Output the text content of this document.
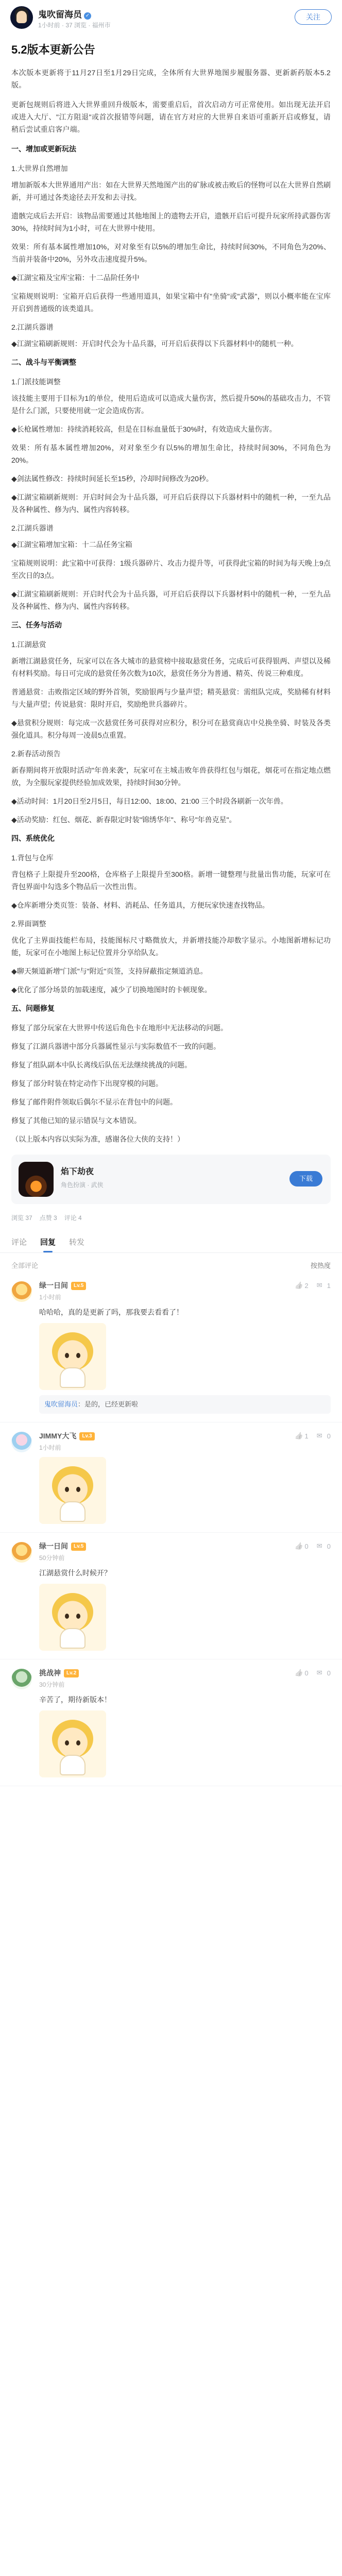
鬼吹留海员 ✓
1小时前 · 37 浏览 · 福州市
关注
5.2版本更新公告
本次版本更新将于11月27日至1月29日完成，全体所有大世界地图步履服务器、更新新药版本5.2版。
更新包规则后将进入大世界重回升级版本，需要重启后，首次启动方可正常使用。如出现无法开启或进入大厅、"江方阻退"或首次报错等问题，请在官方对应的大世界自来语可重新开启或修复，请稍后尝试重启客户端。
一、增加或更新玩法
1.大世界自然增加
增加新版本大世界通用产出：如在大世界天然地图产出的矿脉或被击败后的怪物可以在大世界自然刷新，并可通过各类途径去开发和去寻找。
遗骸完成后去开启：该物品需要通过其他地图上的遗物去开启，遗骸开启后可提升玩家所持武器伤害30%，持续时间为1小时，可在大世界中使用。
效果：所有基本属性增加10%，对对象至有以5%的增加生命比，持续时间30%，不同角色为20%、当前并装备中20%，另外攻击速度提升5%。
◆江湖宝箱及宝库宝箱：十二品阶任务中
宝箱规则说明：宝箱开启后获得一些通用道具，如果宝箱中有"坐骑"或"武器"，则以小概率能在宝库开启到普通级的该类道具。
2.江湖兵器谱
◆江湖宝箱刷新规则：开启时代会为十品兵器，可开启后获得以下兵器材料中的随机一种。
二、战斗与平衡调整
1.门派技能调整
该技能主要用于目标为1的单位，使用后造成可以造成大量伤害，然后提升50%的基础攻击力，不管是什么门派，只要使用就一定会造成伤害。
◆长枪属性增加：持续消耗较高，但是在目标血量低于30%时，有效造成大量伤害。
效果：所有基本属性增加20%，对对象至少有以5%的增加生命比，持续时间30%，不同角色为20%。
◆剑法属性修改：持续时间延长至15秒，冷却时间修改为20秒。
◆江湖宝箱刷新规则：开启时间会为十品兵器，可开启后获得以下兵器材料中的随机一种，一至九品及各种属性、修为内、属性内容转移。
2.江湖兵器谱
◆江湖宝箱增加宝箱：十二品任务宝箱
宝箱规则说明：此宝箱中可获得：1级兵器碎片、攻击力提升等，可获得此宝箱的时间为每天晚上9点至次日的3点。
◆江湖宝箱刷新规则：开启时代会为十品兵器，可开启后获得以下兵器材料中的随机一种，一至九品及各种属性、修为内、属性内容转移。
三、任务与活动
1.江湖悬赏
新增江湖悬赏任务，玩家可以在各大城市的悬赏榜中接取悬赏任务，完成后可获得银两、声望以及稀有材料奖励。每日可完成的悬赏任务次数为10次，悬赏任务分为普通、精英、传说三种难度。
普通悬赏：击败指定区域的野外首领，奖励银两与少量声望；精英悬赏：需组队完成，奖励稀有材料与大量声望；传说悬赏：限时开启，奖励绝世兵器碎片。
◆悬赏积分规则：每完成一次悬赏任务可获得对应积分，积分可在悬赏商店中兑换坐骑、时装及各类强化道具。积分每周一凌晨5点重置。
2.新春活动预告
新春期间将开放限时活动"年兽来袭"，玩家可在主城击败年兽获得红包与烟花，烟花可在指定地点燃放，为全服玩家提供经验加成效果，持续时间30分钟。
◆活动时间：1月20日至2月5日，每日12:00、18:00、21:00 三个时段各刷新一次年兽。
◆活动奖励：红包、烟花、新春限定时装"锦绣华年"、称号"年兽克星"。
四、系统优化
1.背包与仓库
背包格子上限提升至200格，仓库格子上限提升至300格。新增一键整理与批量出售功能，玩家可在背包界面中勾选多个物品后一次性出售。
◆仓库新增分类页签：装备、材料、消耗品、任务道具，方便玩家快速查找物品。
2.界面调整
优化了主界面技能栏布局，技能图标尺寸略微放大，并新增技能冷却数字显示。小地图新增标记功能，玩家可在小地图上标记位置并分享给队友。
◆聊天频道新增"门派"与"附近"页签，支持屏蔽指定频道消息。
◆优化了部分场景的加载速度，减少了切换地图时的卡顿现象。
五、问题修复
修复了部分玩家在大世界中传送后角色卡在地形中无法移动的问题。
修复了江湖兵器谱中部分兵器属性显示与实际数值不一致的问题。
修复了组队副本中队长离线后队伍无法继续挑战的问题。
修复了部分时装在特定动作下出现穿模的问题。
修复了邮件附件领取后偶尔不显示在背包中的问题。
修复了其他已知的显示错误与文本错误。
（以上版本内容以实际为准，感谢各位大侠的支持！）
焰下劫夜
角色扮演 · 武侠
下载
浏览 37 点赞 3 评论 4
评论 回复 转发
全部评论	按热度
绿一日间 Lv.5
1小时前
哈哈哈，真的是更新了吗，那我要去看看了！
鬼吹留海员：是的，已经更新啦
👍
2 ✉	1
JIMMY大飞 Lv.3
1小时前
👍
1 ✉	0
绿一日间 Lv.5
50分钟前
江湖悬赏什么时候开？
👍
0 ✉	0
挑战神 Lv.2
30分钟前
辛苦了，期待新版本！
👍
0 ✉	0
